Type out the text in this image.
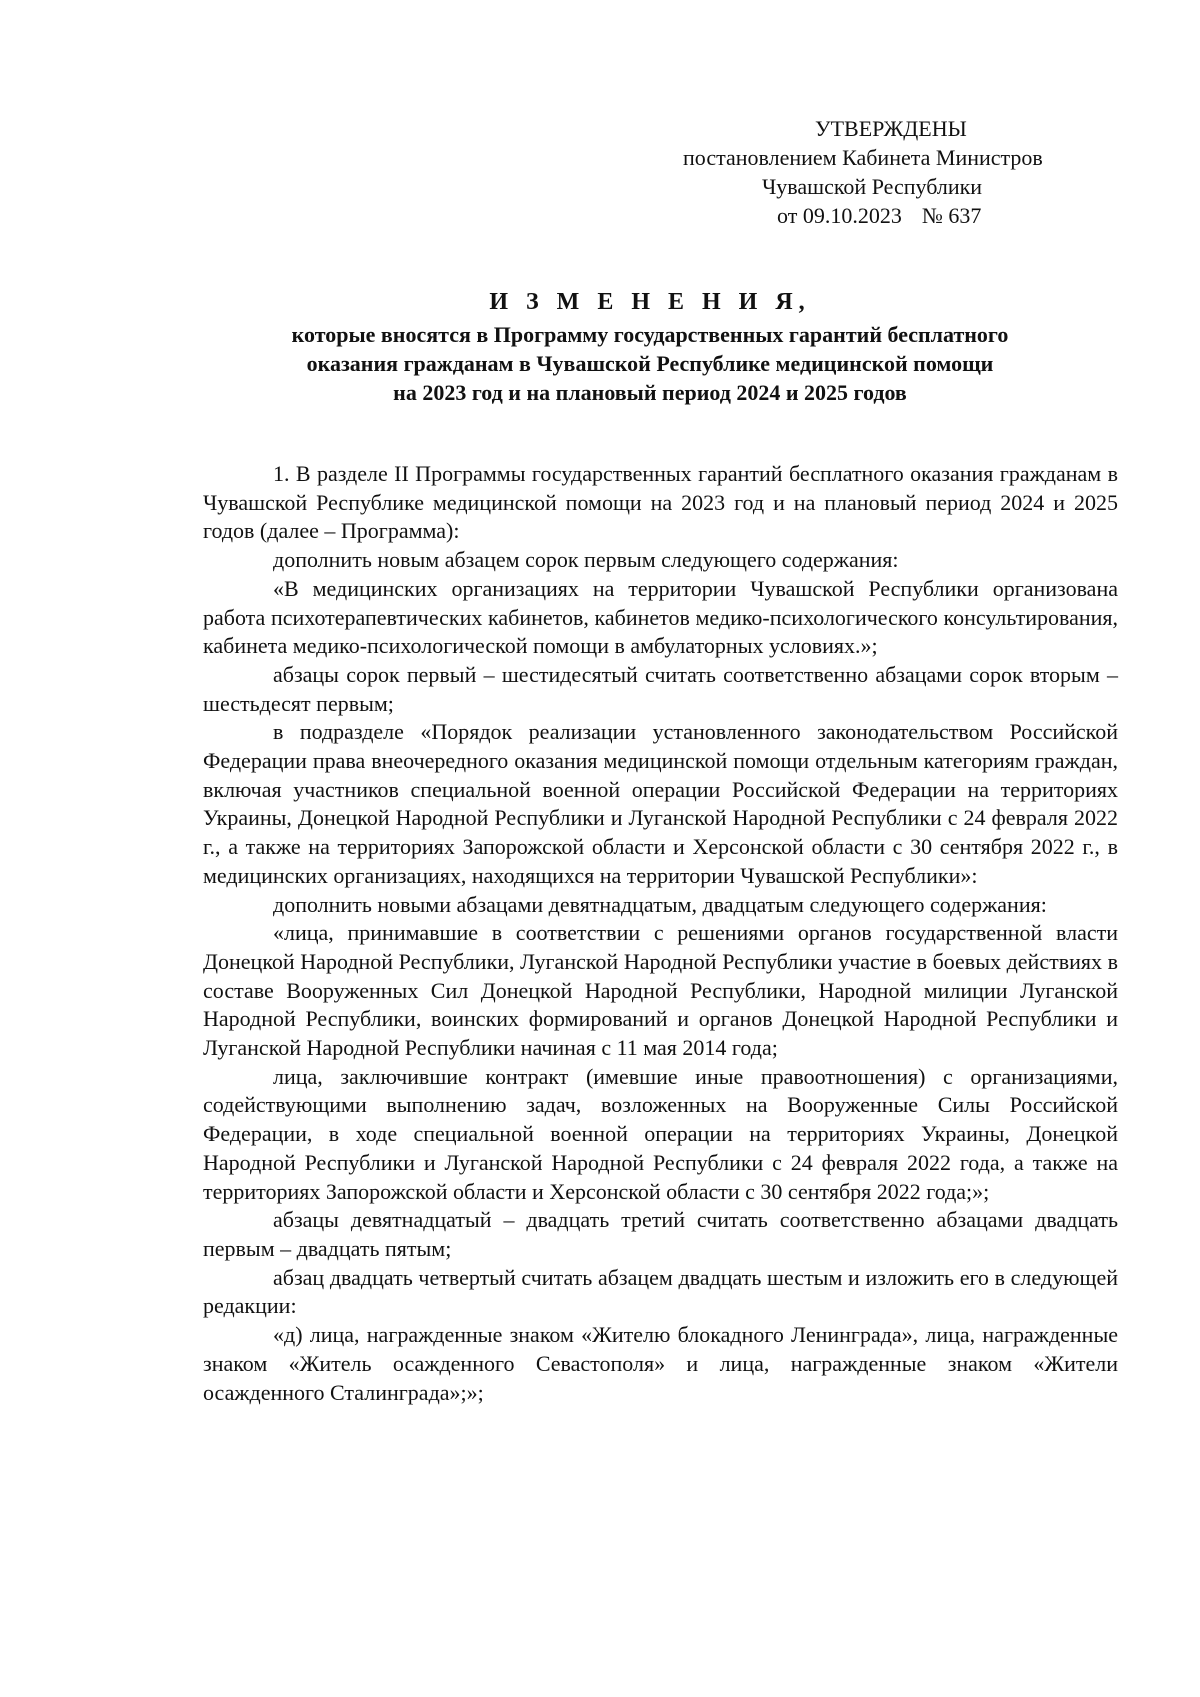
УТВЕРЖДЕНЫ
постановлением Кабинета Министров
Чувашской Республики
от 09.10.2023 № 637
И З М Е Н Е Н И Я,
которые вносятся в Программу государственных гарантий бесплатного
оказания гражданам в Чувашской Республике медицинской помощи
на 2023 год и на плановый период 2024 и 2025 годов

1. В разделе II Программы государственных гарантий бесплатного оказания гражданам в Чувашской Республике медицинской помощи на 2023 год и на плановый период 2024 и 2025 годов (далее – Программа):

дополнить новым абзацем сорок первым следующего содержания:

«В медицинских организациях на территории Чувашской Республики организована работа психотерапевтических кабинетов, кабинетов медико-психологического консультирования, кабинета медико-психологической помощи в амбулаторных условиях.»;

абзацы сорок первый – шестидесятый считать соответственно абзацами сорок вторым – шестьдесят первым;

в подразделе «Порядок реализации установленного законодательством Российской Федерации права внеочередного оказания медицинской помощи отдельным категориям граждан, включая участников специальной военной операции Российской Федерации на территориях Украины, Донецкой Народной Республики и Луганской Народной Республики с 24 февраля 2022 г., а также на территориях Запорожской области и Херсонской области с 30 сентября 2022 г., в медицинских организациях, находящихся на территории Чувашской Республики»:

дополнить новыми абзацами девятнадцатым, двадцатым следующего содержания:

«лица, принимавшие в соответствии с решениями органов государственной власти Донецкой Народной Республики, Луганской Народной Республики участие в боевых действиях в составе Вооруженных Сил Донецкой Народной Республики, Народной милиции Луганской Народной Республики, воинских формирований и органов Донецкой Народной Республики и Луганской Народной Республики начиная с 11 мая 2014 года;

лица, заключившие контракт (имевшие иные правоотношения) с организациями, содействующими выполнению задач, возложенных на Вооруженные Силы Российской Федерации, в ходе специальной военной операции на территориях Украины, Донецкой Народной Республики и Луганской Народной Республики с 24 февраля 2022 года, а также на территориях Запорожской области и Херсонской области с 30 сентября 2022 года;»;

абзацы девятнадцатый – двадцать третий считать соответственно абзацами двадцать первым – двадцать пятым;

абзац двадцать четвертый считать абзацем двадцать шестым и изложить его в следующей редакции:

«д) лица, награжденные знаком «Жителю блокадного Ленинграда», лица, награжденные знаком «Житель осажденного Севастополя» и лица, награжденные знаком «Жители осажденного Сталинграда»;»;
